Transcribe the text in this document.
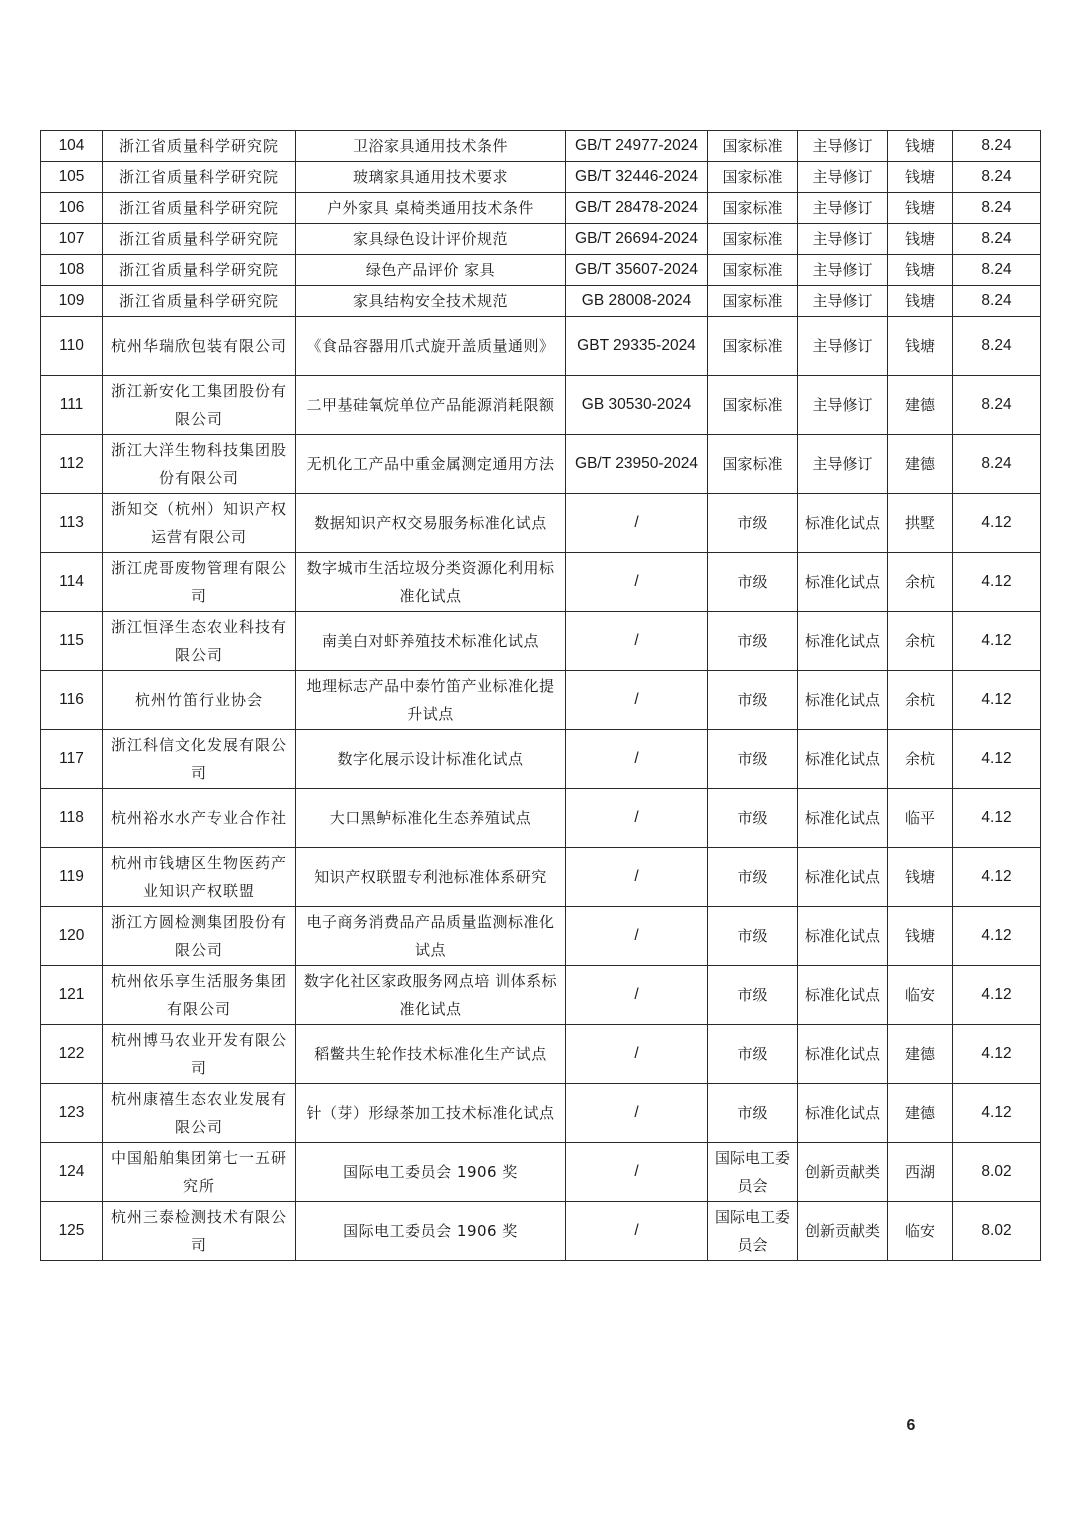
104	浙江省质量科学研究院	卫浴家具通用技术条件	GB/T 24977-2024	国家标准	主导修订	钱塘	8.24
105	浙江省质量科学研究院	玻璃家具通用技术要求	GB/T 32446-2024	国家标准	主导修订	钱塘	8.24
106	浙江省质量科学研究院	户外家具 桌椅类通用技术条件	GB/T 28478-2024	国家标准	主导修订	钱塘	8.24
107	浙江省质量科学研究院	家具绿色设计评价规范	GB/T 26694-2024	国家标准	主导修订	钱塘	8.24
108	浙江省质量科学研究院	绿色产品评价 家具	GB/T 35607-2024	国家标准	主导修订	钱塘	8.24
109	浙江省质量科学研究院	家具结构安全技术规范	GB 28008-2024	国家标准	主导修订	钱塘	8.24
110	杭州华瑞欣包装有限公司	《食品容器用爪式旋开盖质量通则》	GBT 29335-2024	国家标准	主导修订	钱塘	8.24
111	浙江新安化工集团股份有限公司	二甲基硅氧烷单位产品能源消耗限额	GB 30530-2024	国家标准	主导修订	建德	8.24
112	浙江大洋生物科技集团股份有限公司	无机化工产品中重金属测定通用方法	GB/T 23950-2024	国家标准	主导修订	建德	8.24
113	浙知交（杭州）知识产权运营有限公司	数据知识产权交易服务标准化试点	/	市级	标准化试点	拱墅	4.12
114	浙江虎哥废物管理有限公司	数字城市生活垃圾分类资源化利用标准化试点	/	市级	标准化试点	余杭	4.12
115	浙江恒泽生态农业科技有限公司	南美白对虾养殖技术标准化试点	/	市级	标准化试点	余杭	4.12
116	杭州竹笛行业协会	地理标志产品中泰竹笛产业标准化提升试点	/	市级	标准化试点	余杭	4.12
117	浙江科信文化发展有限公司	数字化展示设计标准化试点	/	市级	标准化试点	余杭	4.12
118	杭州裕水水产专业合作社	大口黑鲈标准化生态养殖试点	/	市级	标准化试点	临平	4.12
119	杭州市钱塘区生物医药产业知识产权联盟	知识产权联盟专利池标准体系研究	/	市级	标准化试点	钱塘	4.12
120	浙江方圆检测集团股份有限公司	电子商务消费品产品质量监测标准化试点	/	市级	标准化试点	钱塘	4.12
121	杭州依乐享生活服务集团有限公司	数字化社区家政服务网点培 训体系标准化试点	/	市级	标准化试点	临安	4.12
122	杭州博马农业开发有限公司	稻鳖共生轮作技术标准化生产试点	/	市级	标准化试点	建德	4.12
123	杭州康禧生态农业发展有限公司	针（芽）形绿茶加工技术标准化试点	/	市级	标准化试点	建德	4.12
124	中国船舶集团第七一五研究所	国际电工委员会 1906 奖	/	国际电工委员会	创新贡献类	西湖	8.02
125	杭州三泰检测技术有限公司	国际电工委员会 1906 奖	/	国际电工委员会	创新贡献类	临安	8.02
6
